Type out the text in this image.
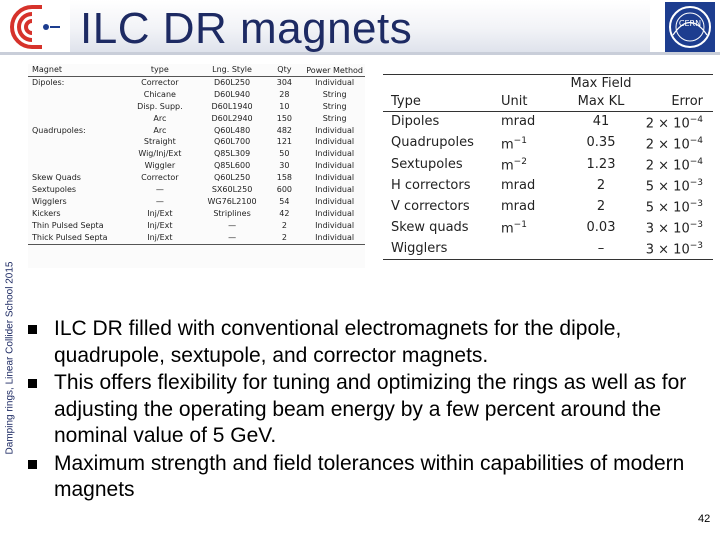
ILC DR magnets	CERN
Damping rings, Linear Collider School 2015
Magnet	type	Lng. Style	Qty	Power Method
Dipoles:	Corrector	D60L250	304	Individual
	Chicane	D60L940	28	String
	Disp. Supp.	D60L1940	10	String
	Arc	D60L2940	150	String
Quadrupoles:	Arc	Q60L480	482	Individual
	Straight	Q60L700	121	Individual
	Wig/Inj/Ext	Q85L309	50	Individual
	Wiggler	Q85L600	30	Individual
Skew Quads	Corrector	Q60L250	158	Individual
Sextupoles	—	SX60L250	600	Individual
Wigglers	—	WG76L2100	54	Individual
Kickers	Inj/Ext	Striplines	42	Individual
Thin Pulsed Septa	Inj/Ext	—	2	Individual
Thick Pulsed Septa	Inj/Ext	—	2	Individual
		Max Field	
Type	Unit	Max KL	Error
Dipoles	mrad	41	$2 \times 10^{-4}$
Quadrupoles	$m^{-1}$	0.35	$2 \times 10^{-4}$
Sextupoles	$m^{-2}$	1.23	$2 \times 10^{-4}$
H correctors	mrad	2	$5 \times 10^{-3}$
V correctors	mrad	2	$5 \times 10^{-3}$
Skew quads	$m^{-1}$	0.03	$3 \times 10^{-3}$
Wigglers		–	$3 \times 10^{-3}$
ILC DR filled with conventional electromagnets for the dipole, quadrupole, sextupole, and corrector magnets.
This offers flexibility for tuning and optimizing the rings as well as for adjusting the operating beam energy by a few percent around the nominal value of 5 GeV.
Maximum strength and field tolerances within capabilities of modern magnets
42
